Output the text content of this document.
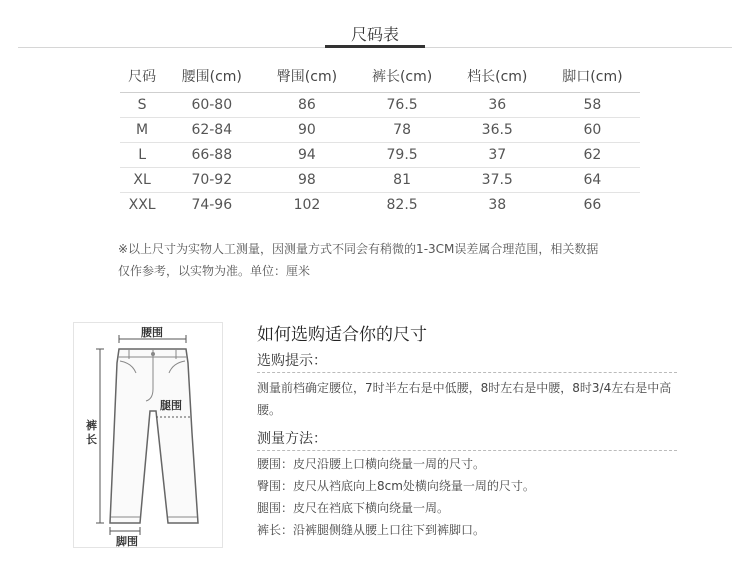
尺码表
尺码	腰围(cm)	臀围(cm)	裤长(cm)	档长(cm)	脚口(cm)
S	60-80	86	76.5	36	58
M	62-84	90	78	36.5	60
L	66-88	94	79.5	37	62
XL	70-92	98	81	37.5	64
XXL	74-96	102	82.5	38	66
※以上尺寸为实物人工测量，因测量方式不同会有稍微的1-3CM误差属合理范围，相关数据
仅作参考，以实物为准。单位：厘米
腰围
腿围
裤长
脚围
如何选购适合你的尺寸
选购提示：
测量前档确定腰位，7时半左右是中低腰，8时左右是中腰，8时3/4左右是中高腰。
测量方法：
腰围：皮尺沿腰上口横向绕量一周的尺寸。
臀围：皮尺从裆底向上8cm处横向绕量一周的尺寸。
腿围：皮尺在裆底下横向绕量一周。
裤长：沿裤腿侧缝从腰上口往下到裤脚口。
